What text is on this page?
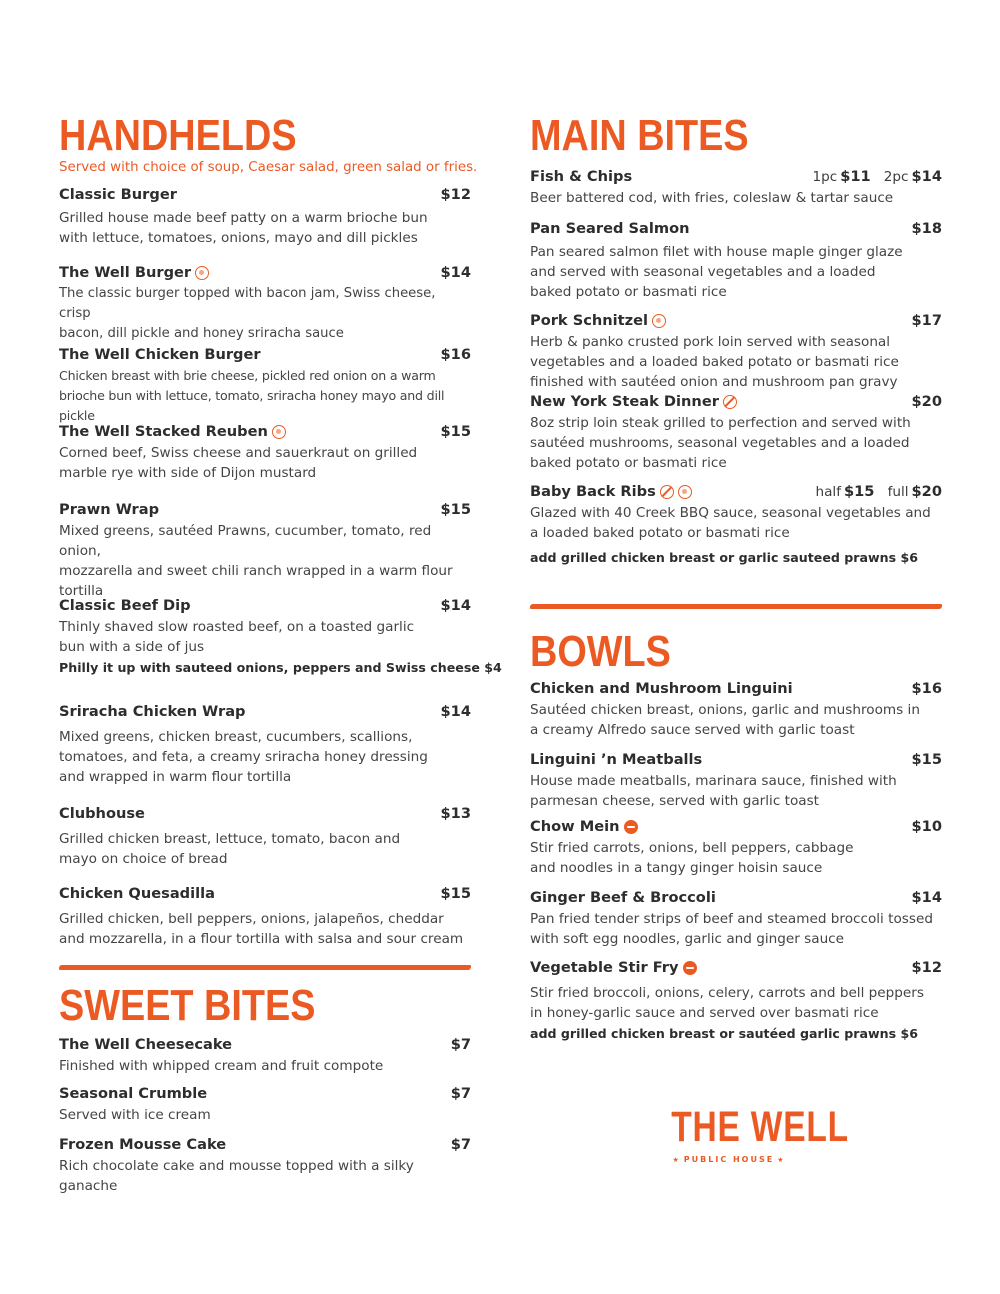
HANDHELDS
Served with choice of soup, Caesar salad, green salad or fries.
Classic Burger	$12

Grilled house made beef patty on a warm brioche bun
with lettuce, tomatoes, onions, mayo and dill pickles

The Well Burger	$14

The classic burger topped with bacon jam, Swiss cheese, crisp
bacon, dill pickle and honey sriracha sauce

The Well Chicken Burger	$16

Chicken breast with brie cheese, pickled red onion on a warm
brioche bun with lettuce, tomato, sriracha honey mayo and dill pickle

The Well Stacked Reuben	$15

Corned beef, Swiss cheese and sauerkraut on grilled
marble rye with side of Dijon mustard

Prawn Wrap	$15

Mixed greens, sautéed Prawns, cucumber, tomato, red onion,
mozzarella and sweet chili ranch wrapped in a warm flour
tortilla

Classic Beef Dip	$14

Thinly shaved slow roasted beef, on a toasted garlic
bun with a side of jus

Philly it up with sauteed onions, peppers and Swiss cheese $4
Sriracha Chicken Wrap	$14

Mixed greens, chicken breast, cucumbers, scallions,
tomatoes, and feta, a creamy sriracha honey dressing
and wrapped in warm flour tortilla

Clubhouse	$13

Grilled chicken breast, lettuce, tomato, bacon and
mayo on choice of bread

Chicken Quesadilla	$15

Grilled chicken, bell peppers, onions, jalapeños, cheddar
and mozzarella, in a flour tortilla with salsa and sour cream

SWEET BITES
The Well Cheesecake	$7

Finished with whipped cream and fruit compote

Seasonal Crumble	$7

Served with ice cream

Frozen Mousse Cake	$7

Rich chocolate cake and mousse topped with a silky ganache

MAIN BITES
Fish & Chips	1pc $11 2pc $14

Beer battered cod, with fries, coleslaw & tartar sauce

Pan Seared Salmon	$18

Pan seared salmon filet with house maple ginger glaze
and served with seasonal vegetables and a loaded
baked potato or basmati rice

Pork Schnitzel	$17

Herb & panko crusted pork loin served with seasonal
vegetables and a loaded baked potato or basmati rice
finished with sautéed onion and mushroom pan gravy

New York Steak Dinner	$20

8oz strip loin steak grilled to perfection and served with
sautéed mushrooms, seasonal vegetables and a loaded
baked potato or basmati rice

Baby Back Ribs	half $15 full $20

Glazed with 40 Creek BBQ sauce, seasonal vegetables and
a loaded baked potato or basmati rice

add grilled chicken breast or garlic sauteed prawns $6
BOWLS
Chicken and Mushroom Linguini	$16

Sautéed chicken breast, onions, garlic and mushrooms in
a creamy Alfredo sauce served with garlic toast

Linguini ’n Meatballs	$15

House made meatballs, marinara sauce, finished with
parmesan cheese, served with garlic toast

Chow Mein	$10

Stir fried carrots, onions, bell peppers, cabbage
and noodles in a tangy ginger hoisin sauce

Ginger Beef & Broccoli	$14

Pan fried tender strips of beef and steamed broccoli tossed
with soft egg noodles, garlic and ginger sauce

Vegetable Stir Fry	$12

Stir fried broccoli, onions, celery, carrots and bell peppers
in honey-garlic sauce and served over basmati rice

add grilled chicken breast or sautéed garlic prawns $6
THE WELL
★ PUBLIC HOUSE ★
